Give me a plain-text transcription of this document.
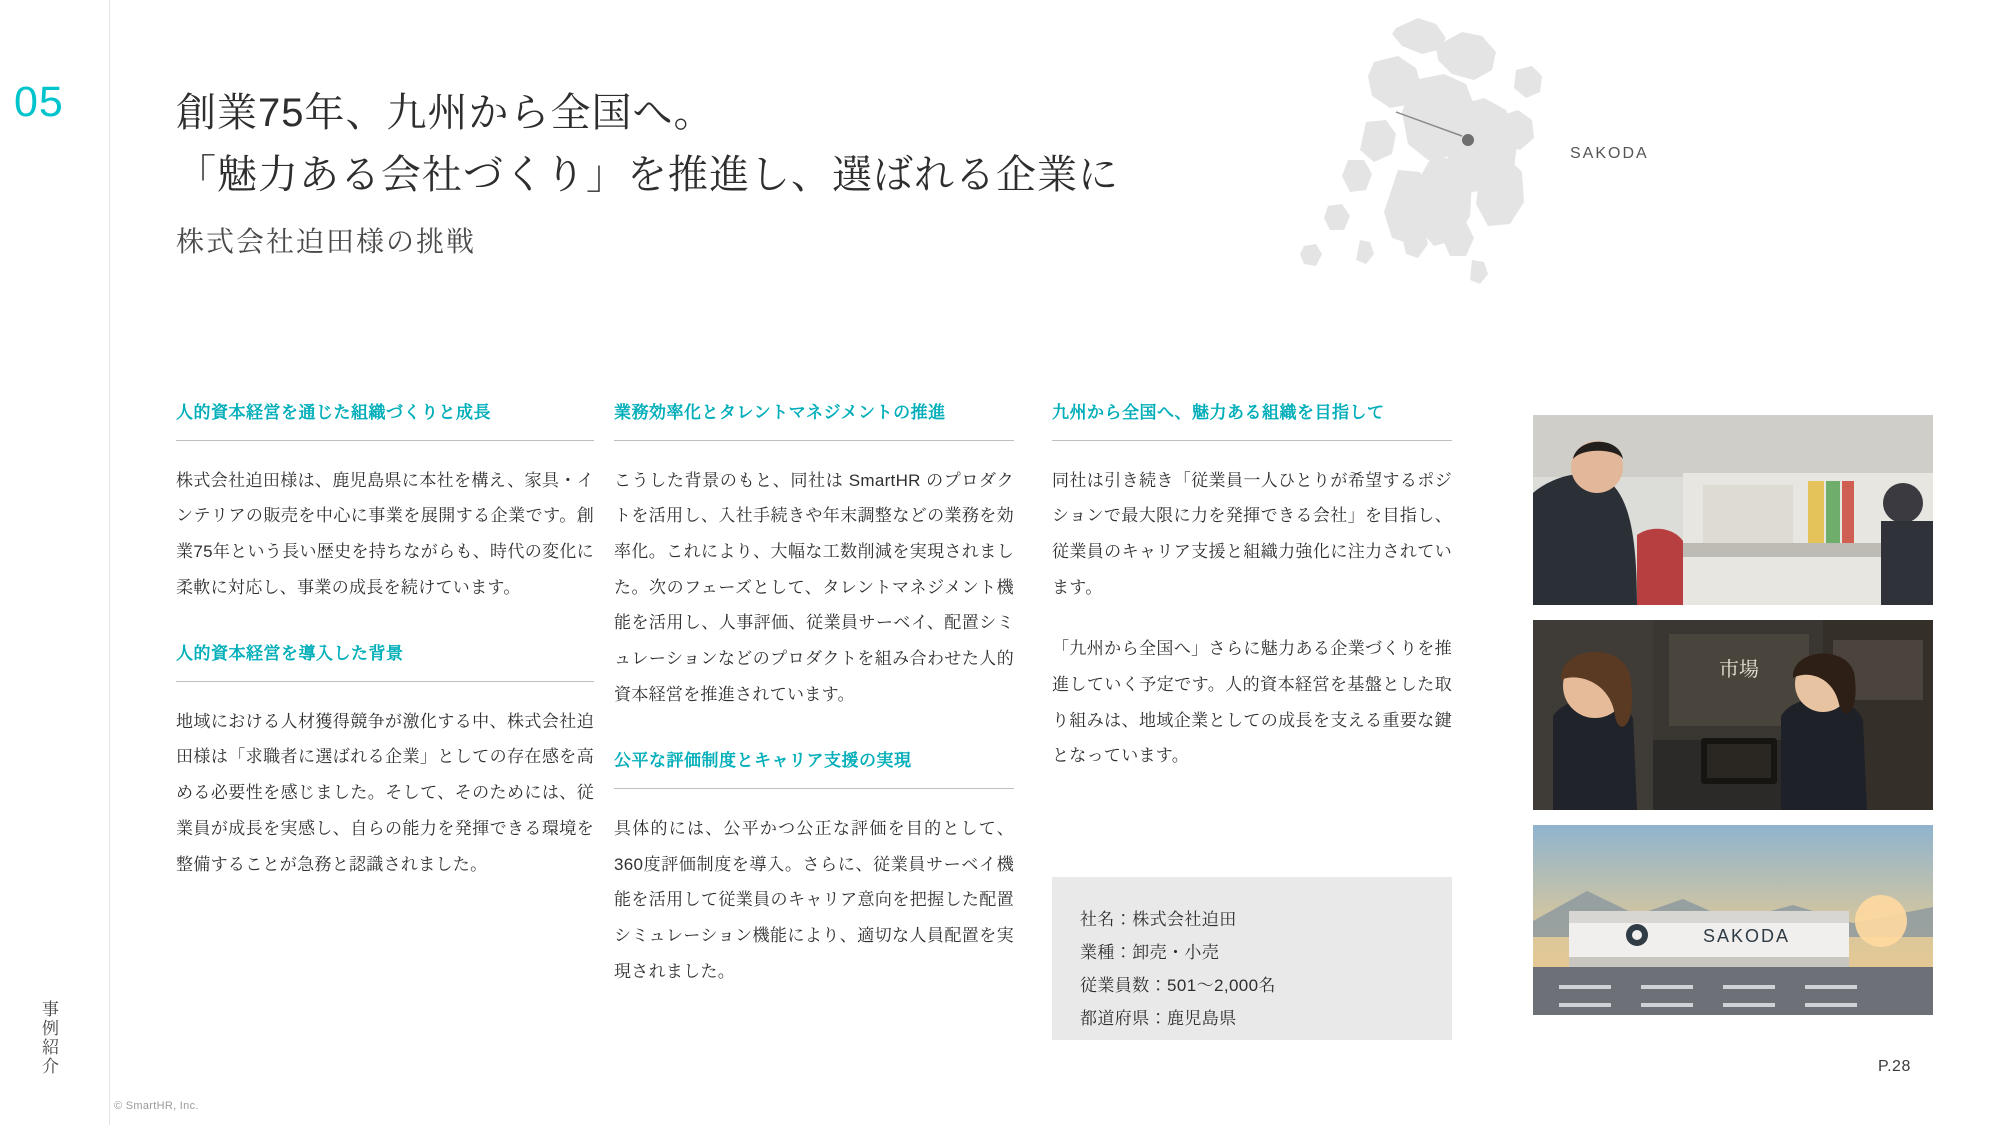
05
事例紹介
© SmartHR, Inc.
創業75年、九州から全国へ。
「魅力ある会社づくり」を推進し、選ばれる企業に
株式会社迫田様の挑戦
SAKODA
人的資本経営を通じた組織づくりと成長
株式会社迫田様は、鹿児島県に本社を構え、家具・インテリアの販売を中心に事業を展開する企業です。創業75年という長い歴史を持ちながらも、時代の変化に柔軟に対応し、事業の成長を続けています。
人的資本経営を導入した背景
地域における人材獲得競争が激化する中、株式会社迫田様は「求職者に選ばれる企業」としての存在感を高める必要性を感じました。そして、そのためには、従業員が成長を実感し、自らの能力を発揮できる環境を整備することが急務と認識されました。
業務効率化とタレントマネジメントの推進
こうした背景のもと、同社は SmartHR のプロダクトを活用し、入社手続きや年末調整などの業務を効率化。これにより、大幅な工数削減を実現されました。次のフェーズとして、タレントマネジメント機能を活用し、人事評価、従業員サーベイ、配置シミュレーションなどのプロダクトを組み合わせた人的資本経営を推進されています。
公平な評価制度とキャリア支援の実現
具体的には、公平かつ公正な評価を目的として、360度評価制度を導入。さらに、従業員サーベイ機能を活用して従業員のキャリア意向を把握した配置シミュレーション機能により、適切な人員配置を実現されました。
九州から全国へ、魅力ある組織を目指して
同社は引き続き「従業員一人ひとりが希望するポジションで最大限に力を発揮できる会社」を目指し、従業員のキャリア支援と組織力強化に注力されています。
「九州から全国へ」さらに魅力ある企業づくりを推進していく予定です。人的資本経営を基盤とした取り組みは、地域企業としての成長を支える重要な鍵となっています。
社名：株式会社迫田
業種：卸売・小売
従業員数：501〜2,000名
都道府県：鹿児島県
市場
SAKODA
P.28
